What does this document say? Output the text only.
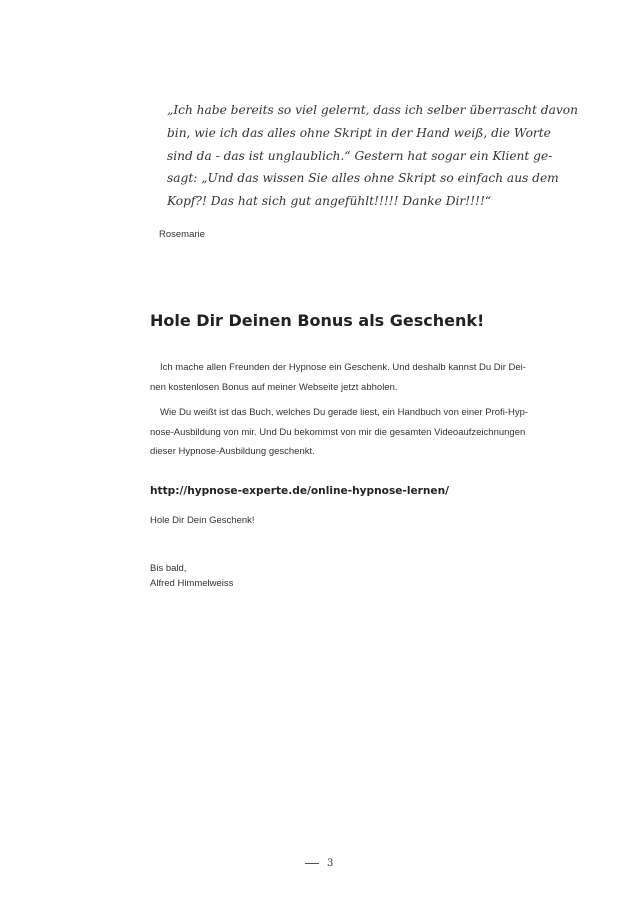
„Ich habe bereits so viel gelernt, dass ich selber überrascht davon
bin, wie ich das alles ohne Skript in der Hand weiß, die Worte
sind da - das ist unglaublich.“ Gestern hat sogar ein Klient ge-
sagt: „Und das wissen Sie alles ohne Skript so einfach aus dem
Kopf?! Das hat sich gut angefühlt!!!!! Danke Dir!!!!“
Rosemarie
Hole Dir Deinen Bonus als Geschenk!
Ich mache allen Freunden der Hypnose ein Geschenk. Und deshalb kannst Du Dir Dei-
nen kostenlosen Bonus auf meiner Webseite jetzt abholen.
Wie Du weißt ist das Buch, welches Du gerade liest, ein Handbuch von einer Profi-Hyp-
nose-Ausbildung von mir. Und Du bekommst von mir die gesamten Videoaufzeichnungen
dieser Hypnose-Ausbildung geschenkt.
http://hypnose-experte.de/online-hypnose-lernen/
Hole Dir Dein Geschenk!
Bis bald,
Alfred Himmelweiss
3
